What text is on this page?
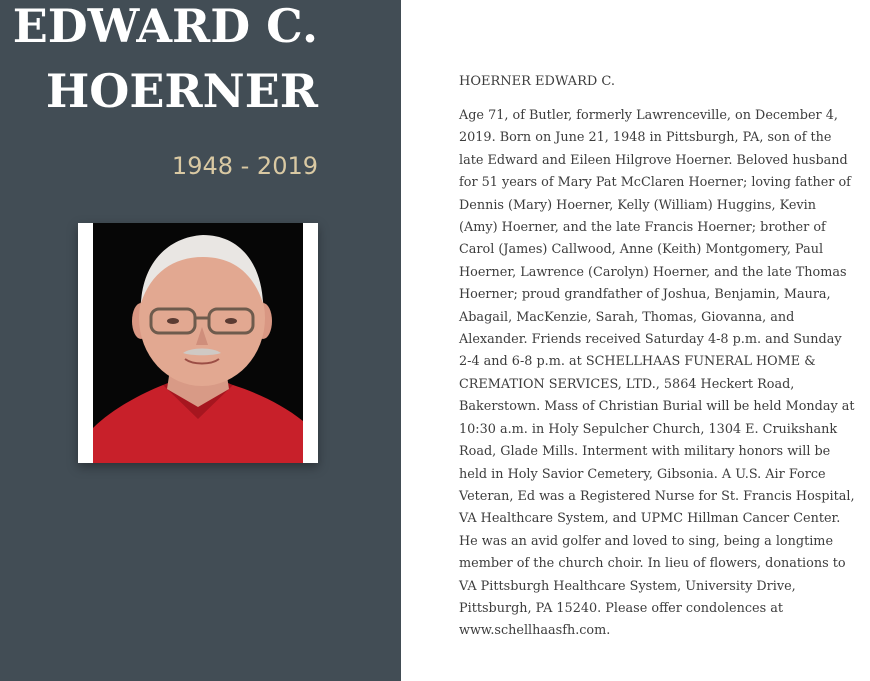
EDWARD C.
HOERNER
1948 - 2019

HOERNER EDWARD C.

Age 71, of Butler, formerly Lawrenceville, on December 4, 2019. Born on June 21, 1948 in Pittsburgh, PA, son of the late Edward and Eileen Hilgrove Hoerner. Beloved husband for 51 years of Mary Pat McClaren Hoerner; loving father of Dennis (Mary) Hoerner, Kelly (William) Huggins, Kevin (Amy) Hoerner, and the late Francis Hoerner; brother of Carol (James) Callwood, Anne (Keith) Montgomery, Paul Hoerner, Lawrence (Carolyn) Hoerner, and the late Thomas Hoerner; proud grandfather of Joshua, Benjamin, Maura, Abagail, MacKenzie, Sarah, Thomas, Giovanna, and Alexander. Friends received Saturday 4-8 p.m. and Sunday 2-4 and 6-8 p.m. at SCHELLHAAS FUNERAL HOME & CREMATION SERVICES, LTD., 5864 Heckert Road, Bakerstown. Mass of Christian Burial will be held Monday at 10:30 a.m. in Holy Sepulcher Church, 1304 E. Cruikshank Road, Glade Mills. Interment with military honors will be held in Holy Savior Cemetery, Gibsonia. A U.S. Air Force Veteran, Ed was a Registered Nurse for St. Francis Hospital, VA Healthcare System, and UPMC Hillman Cancer Center. He was an avid golfer and loved to sing, being a longtime member of the church choir. In lieu of flowers, donations to VA Pittsburgh Healthcare System, University Drive, Pittsburgh, PA 15240. Please offer condolences at www.schellhaasfh.com.
